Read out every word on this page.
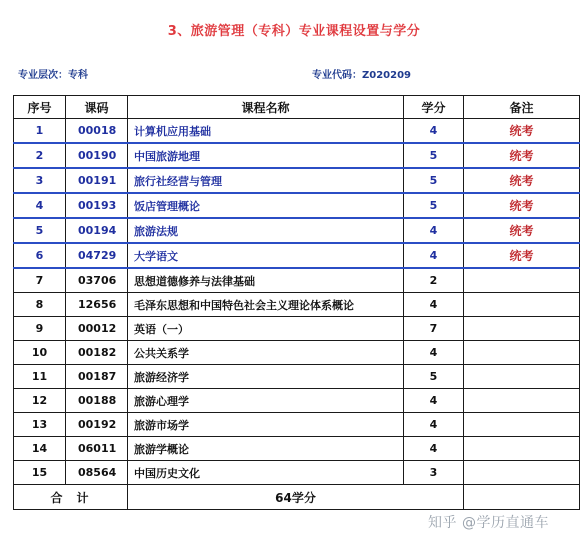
3、旅游管理（专科）专业课程设置与学分
专业层次：专科	专业代码：Z020209
序号	课码	课程名称	学分	备注
1	00018	计算机应用基础	4	统考
2	00190	中国旅游地理	5	统考
3	00191	旅行社经营与管理	5	统考
4	00193	饭店管理概论	5	统考
5	00194	旅游法规	4	统考
6	04729	大学语文	4	统考
7	03706	思想道德修养与法律基础	2	
8	12656	毛泽东思想和中国特色社会主义理论体系概论	4	
9	00012	英语（一）	7	
10	00182	公共关系学	4	
11	00187	旅游经济学	5	
12	00188	旅游心理学	4	
13	00192	旅游市场学	4	
14	06011	旅游学概论	4	
15	08564	中国历史文化	3	
合计		64学分		
知乎 @学历直通车
